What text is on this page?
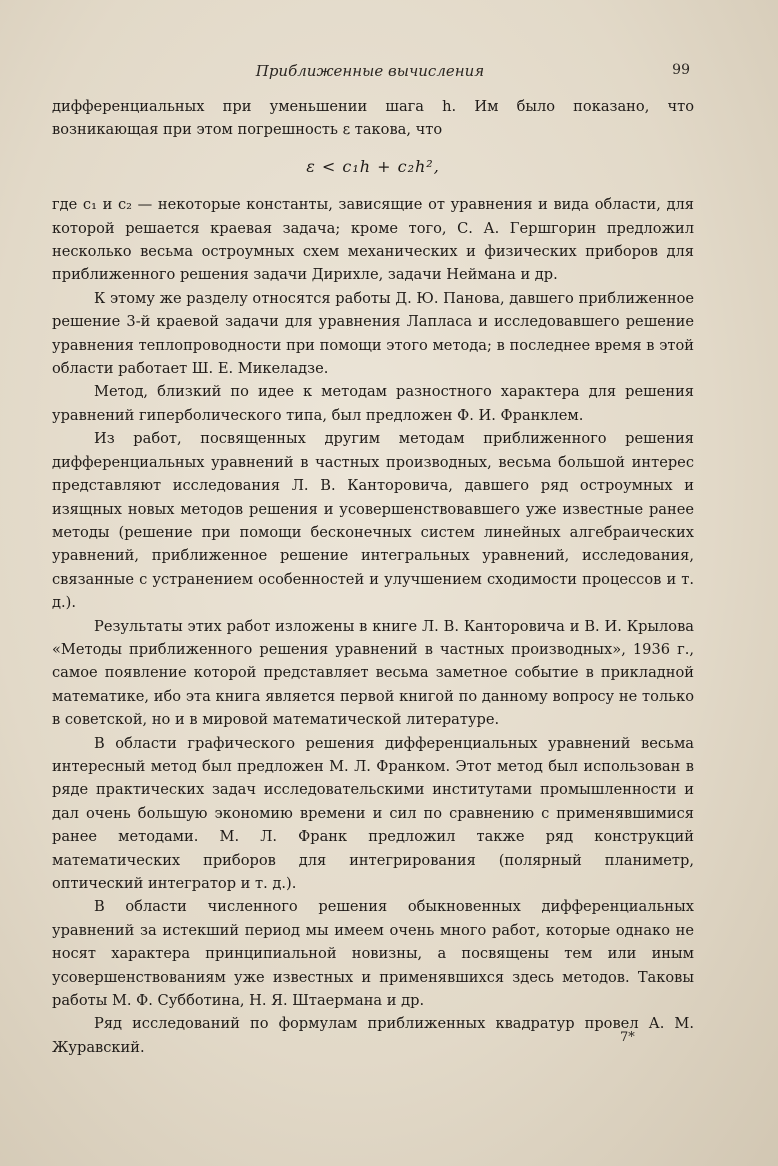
Приближенные вычисления	99

дифференциальных при уменьшении шага h. Им было показано, что возникающая при этом погрешность ε такова, что

ε < c₁h + c₂h²,

где c₁ и c₂ — некоторые константы, зависящие от уравнения и вида области, для которой решается краевая задача; кроме того, С. А. Гершгорин предложил несколько весьма остроумных схем механических и физических приборов для приближенного решения задачи Дирихле, задачи Неймана и др.

К этому же разделу относятся работы Д. Ю. Панова, давшего приближенное решение 3-й краевой задачи для уравнения Лапласа и исследовавшего решение уравнения теплопроводности при помощи этого метода; в последнее время в этой области работает Ш. Е. Микеладзе.

Метод, близкий по идее к методам разностного характера для решения уравнений гиперболического типа, был предложен Ф. И. Франклем.

Из работ, посвященных другим методам приближенного решения дифференциальных уравнений в частных производных, весьма большой интерес представляют исследования Л. В. Канторовича, давшего ряд остроумных и изящных новых методов решения и усовершенствовавшего уже известные ранее методы (решение при помощи бесконечных систем линейных алгебраических уравнений, приближенное решение интегральных уравнений, исследования, связанные с устранением особенностей и улучшением сходимости процессов и т. д.).

Результаты этих работ изложены в книге Л. В. Канторовича и В. И. Крылова «Методы приближенного решения уравнений в частных производных», 1936 г., самое появление которой представляет весьма заметное событие в прикладной математике, ибо эта книга является первой книгой по данному вопросу не только в советской, но и в мировой математической литературе.

В области графического решения дифференциальных уравнений весьма интересный метод был предложен М. Л. Франком. Этот метод был использован в ряде практических задач исследовательскими институтами промышленности и дал очень большую экономию времени и сил по сравнению с применявшимися ранее методами. М. Л. Франк предложил также ряд конструкций математических приборов для интегрирования (полярный планиметр, оптический интегратор и т. д.).

В области численного решения обыкновенных дифференциальных уравнений за истекший период мы имеем очень много работ, которые однако не носят характера принципиальной новизны, а посвящены тем или иным усовершенствованиям уже известных и применявшихся здесь методов. Таковы работы М. Ф. Субботина, Н. Я. Штаермана и др.

Ряд исследований по формулам приближенных квадратур провел А. М. Журавский.

7*
